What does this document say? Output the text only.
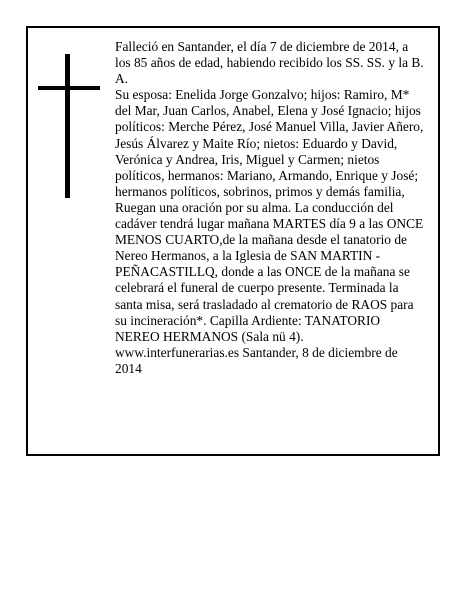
Falleció en Santander, el día 7 de diciembre de 2014, a los 85 años de edad, habiendo recibido los SS. SS. y la B. A.

Su esposa: Enelida Jorge Gonzalvo; hijos: Ramiro, M* del Mar, Juan Carlos, Anabel, Elena y José Ignacio; hijos políticos: Merche Pérez, José Manuel Villa, Javier Añero, Jesús Álvarez y Maite Río; nietos: Eduardo y David, Verónica y Andrea, Iris, Miguel y Carmen; nietos políticos, hermanos: Mariano, Armando, Enrique y José; hermanos políticos, sobrinos, primos y demás familia,

Ruegan una oración por su alma. La conducción del cadáver tendrá lugar mañana MARTES día 9 a las ONCE MENOS CUARTO,de la mañana desde el tanatorio de Nereo Hermanos, a la Iglesia de SAN MARTIN - PEÑACASTILLQ, donde a las ONCE de la mañana se celebrará el funeral de cuerpo presente. Terminada la santa misa, será trasladado al crematorio de RAOS para su incineración*. Capilla Ardiente: TANATORIO NEREO HERMANOS (Sala nü 4). www.interfunerarias.es Santander, 8 de diciembre de 2014
